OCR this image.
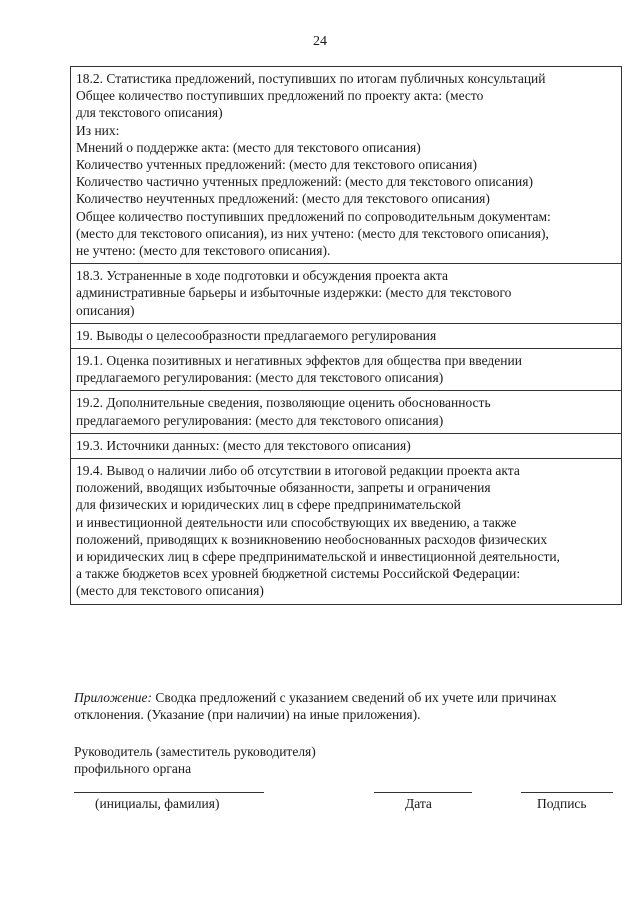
24
18.2. Статистика предложений, поступивших по итогам публичных консультаций
Общее количество поступивших предложений по проекту акта: (место
для текстового описания)
Из них:
Мнений о поддержке акта: (место для текстового описания)
Количество учтенных предложений: (место для текстового описания)
Количество частично учтенных предложений: (место для текстового описания)
Количество неучтенных предложений: (место для текстового описания)
Общее количество поступивших предложений по сопроводительным документам:
(место для текстового описания), из них учтено: (место для текстового описания),
не учтено: (место для текстового описания).

18.3. Устраненные в ходе подготовки и обсуждения проекта акта
административные барьеры и избыточные издержки: (место для текстового
описания)

19. Выводы о целесообразности предлагаемого регулирования

19.1. Оценка позитивных и негативных эффектов для общества при введении
предлагаемого регулирования: (место для текстового описания)

19.2. Дополнительные сведения, позволяющие оценить обоснованность
предлагаемого регулирования: (место для текстового описания)

19.3. Источники данных: (место для текстового описания)

19.4. Вывод о наличии либо об отсутствии в итоговой редакции проекта акта
положений, вводящих избыточные обязанности, запреты и ограничения
для физических и юридических лиц в сфере предпринимательской
и инвестиционной деятельности или способствующих их введению, а также
положений, приводящих к возникновению необоснованных расходов физических
и юридических лиц в сфере предпринимательской и инвестиционной деятельности,
а также бюджетов всех уровней бюджетной системы Российской Федерации:
(место для текстового описания)
Приложение: Сводка предложений с указанием сведений об их учете или причинах
отклонения. (Указание (при наличии) на иные приложения).
Руководитель (заместитель руководителя)
профильного органа
(инициалы, фамилия)	Дата	Подпись
